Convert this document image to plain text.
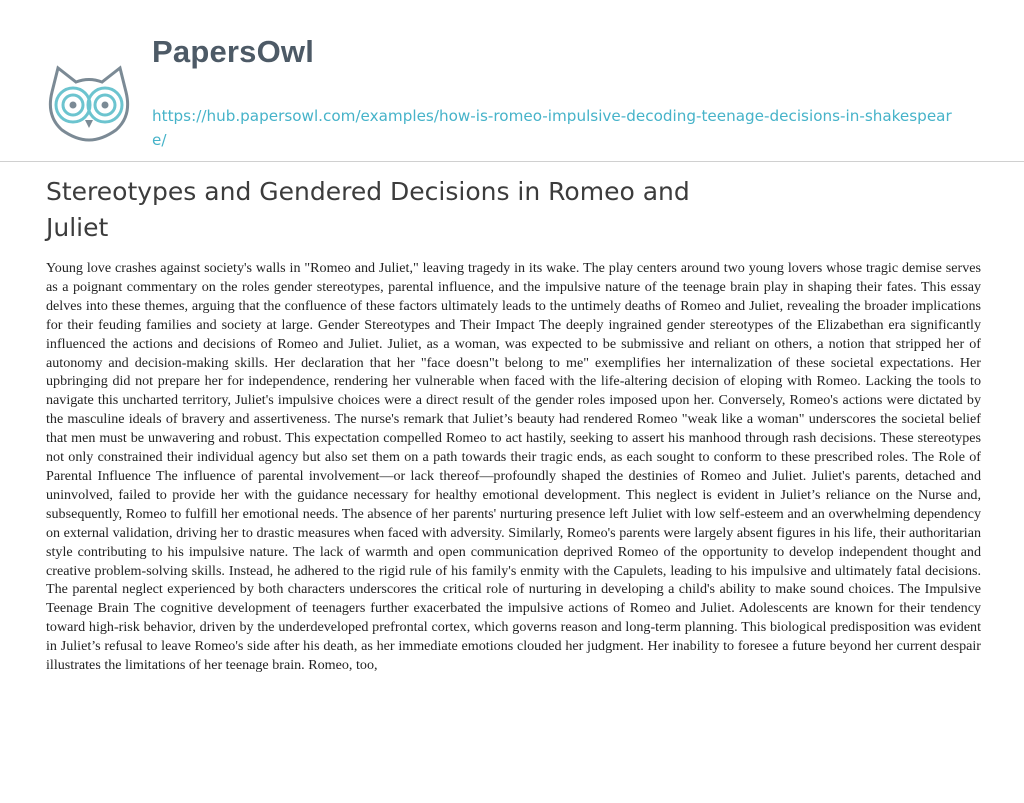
PapersOwl
https://hub.papersowl.com/examples/how-is-romeo-impulsive-decoding-teenage-decisions-in-shakespeare/
Stereotypes and Gendered Decisions in Romeo and Juliet

Young love crashes against society's walls in "Romeo and Juliet," leaving tragedy in its wake. The play centers around two young lovers whose tragic demise serves as a poignant commentary on the roles gender stereotypes, parental influence, and the impulsive nature of the teenage brain play in shaping their fates. This essay delves into these themes, arguing that the confluence of these factors ultimately leads to the untimely deaths of Romeo and Juliet, revealing the broader implications for their feuding families and society at large. Gender Stereotypes and Their Impact The deeply ingrained gender stereotypes of the Elizabethan era significantly influenced the actions and decisions of Romeo and Juliet. Juliet, as a woman, was expected to be submissive and reliant on others, a notion that stripped her of autonomy and decision-making skills. Her declaration that her "face doesn"t belong to me" exemplifies her internalization of these societal expectations. Her upbringing did not prepare her for independence, rendering her vulnerable when faced with the life-altering decision of eloping with Romeo. Lacking the tools to navigate this uncharted territory, Juliet's impulsive choices were a direct result of the gender roles imposed upon her. Conversely, Romeo's actions were dictated by the masculine ideals of bravery and assertiveness. The nurse's remark that Juliet’s beauty had rendered Romeo "weak like a woman" underscores the societal belief that men must be unwavering and robust. This expectation compelled Romeo to act hastily, seeking to assert his manhood through rash decisions. These stereotypes not only constrained their individual agency but also set them on a path towards their tragic ends, as each sought to conform to these prescribed roles. The Role of Parental Influence The influence of parental involvement—or lack thereof—profoundly shaped the destinies of Romeo and Juliet. Juliet's parents, detached and uninvolved, failed to provide her with the guidance necessary for healthy emotional development. This neglect is evident in Juliet’s reliance on the Nurse and, subsequently, Romeo to fulfill her emotional needs. The absence of her parents' nurturing presence left Juliet with low self-esteem and an overwhelming dependency on external validation, driving her to drastic measures when faced with adversity. Similarly, Romeo's parents were largely absent figures in his life, their authoritarian style contributing to his impulsive nature. The lack of warmth and open communication deprived Romeo of the opportunity to develop independent thought and creative problem-solving skills. Instead, he adhered to the rigid rule of his family's enmity with the Capulets, leading to his impulsive and ultimately fatal decisions. The parental neglect experienced by both characters underscores the critical role of nurturing in developing a child's ability to make sound choices. The Impulsive Teenage Brain The cognitive development of teenagers further exacerbated the impulsive actions of Romeo and Juliet. Adolescents are known for their tendency toward high-risk behavior, driven by the underdeveloped prefrontal cortex, which governs reason and long-term planning. This biological predisposition was evident in Juliet’s refusal to leave Romeo's side after his death, as her immediate emotions clouded her judgment. Her inability to foresee a future beyond her current despair illustrates the limitations of her teenage brain. Romeo, too,
